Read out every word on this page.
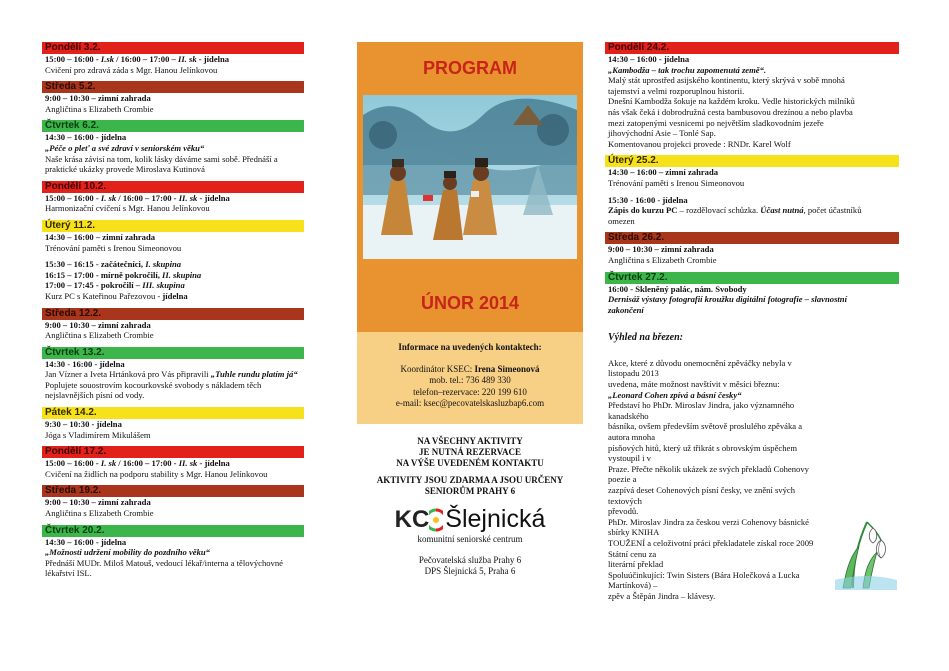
Pondělí 3.2.
15:00 – 16:00 - I.sk / 16:00 – 17:00 – II. sk - jídelna
Cvičení pro zdravá záda s Mgr. Hanou Jelínkovou
Středa 5.2.
9:00 – 10:30 – zimní zahrada
Angličtina s Elizabeth Crombie
Čtvrtek 6.2.
14:30 – 16:00 - jídelna
„Péče o pleť a své zdraví v seniorském věku“
Naše krása závisí na tom, kolik lásky dáváme sami sobě. Přednáší a
praktické ukázky provede Miroslava Kutinová
Pondělí 10.2.
15:00 – 16:00 - I. sk / 16:00 – 17:00 - II. sk - jídelna
Harmonizační cvičení s Mgr. Hanou Jelínkovou
Úterý 11.2.
14:30 – 16:00 – zimní zahrada
Trénování paměti s Irenou Simeonovou
15:30 – 16:15 - začátečníci, I. skupina
16:15 – 17:00 - mírně pokročilí, II. skupina
17:00 – 17:45 - pokročilí – III. skupina
Kurz PC s Kateřinou Pařezovou - jídelna
Středa 12.2.
9:00 – 10:30 – zimní zahrada
Angličtina s Elizabeth Crombie
Čtvrtek 13.2.
14:30 - 16:00 - jídelna
Jan Vízner a Iveta Hrtánková pro Vás připravili „Tuhle rundu platím já“
Poplujete souostrovím kocourkovské svobody s nákladem těch
nejslavnějších písní od vody.
Pátek 14.2.
9:30 – 10:30 - jídelna
Jóga s Vladimírem Mikulášem
Pondělí 17.2.
15:00 – 16:00 - I. sk / 16:00 – 17:00 - II. sk - jídelna
Cvičení na židlích na podporu stability s Mgr. Hanou Jelínkovou
Středa 19.2.
9:00 – 10:30 – zimní zahrada
Angličtina s Elizabeth Crombie
Čtvrtek 20.2.
14:30 – 16:00 - jídelna
„Možnosti udržení mobility do pozdního věku“
Přednáší MUDr. Miloš Matouš, vedoucí lékař/interna a tělovýchovné
lékařství ISL.
PROGRAM
ÚNOR 2014
Informace na uvedených kontaktech:
Koordinátor KSEC: Irena Simeonová
mob. tel.: 736 489 330
telefon–rezervace: 220 199 610
e-mail: ksec@pecovatelskasluzbap6.com
NA VŠECHNY AKTIVITY
JE NUTNÁ REZERVACE
NA VÝŠE UVEDENÉM KONTAKTU
AKTIVITY JSOU ZDARMA A JSOU URČENY
SENIORŮM PRAHY 6
KC Šlejnická
komunitní seniorské centrum
Pečovatelská služba Prahy 6
DPS Šlejnická 5, Praha 6
Pondělí 24.2.
14:30 – 16:00 - jídelna
„Kambodža – tak trochu zapomenutá země“.
Malý stát uprostřed asijského kontinentu, který skrývá v sobě mnohá
tajemství a velmi rozporuplnou historii.
Dnešní Kambodža šokuje na každém kroku. Vedle historických milníků
nás však čeká i dobrodružná cesta bambusovou drezínou a nebo plavba
mezi zatopenými vesnicemi po největším sladkovodním jezeře
jihovýchodní Asie – Tonlé Sap.
Komentovanou projekci provede : RNDr. Karel Wolf
Úterý 25.2.
14:30 – 16:00 – zimní zahrada
Trénování paměti s Irenou Simeonovou
15:30 - 16:00 - jídelna
Zápis do kurzu PC – rozdělovací schůzka. Účast nutná, počet účastníků
omezen
Středa 26.2.
9:00 – 10:30 – zimní zahrada
Angličtina s Elizabeth Crombie
Čtvrtek 27.2.
16:00 - Skleněný palác, nám. Svobody
Dernisáž výstavy fotografií kroužku digitální fotografie – slavnostní
zakončení
Výhled na březen:
Akce, které z důvodu onemocnění zpěváčky nebyla v listopadu 2013
uvedena, máte možnost navštívit v měsíci březnu:
„Leonard Cohen zpívá a básní česky“
Představí ho PhDr. Miroslav Jindra, jako významného kanadského
básníka, ovšem především světově proslulého zpěváka a autora mnoha
písňových hitů, který už třikrát s obrovským úspěchem vystoupil i v
Praze. Přečte několik ukázek ze svých překladů Cohenovy poezie a
zazpívá deset Cohenových písní česky, ve znění svých textových
převodů.
PhDr. Miroslav Jindra za českou verzi Cohenovy básnické sbírky KNIHA
TOUŽENÍ a celoživotní práci překladatele získal roce 2009 Státní cenu za
literární překlad
Spoluúčinkující: Twin Sisters (Bára Holečková a Lucka Martínková) –
zpěv a Štěpán Jindra – klávesy.
